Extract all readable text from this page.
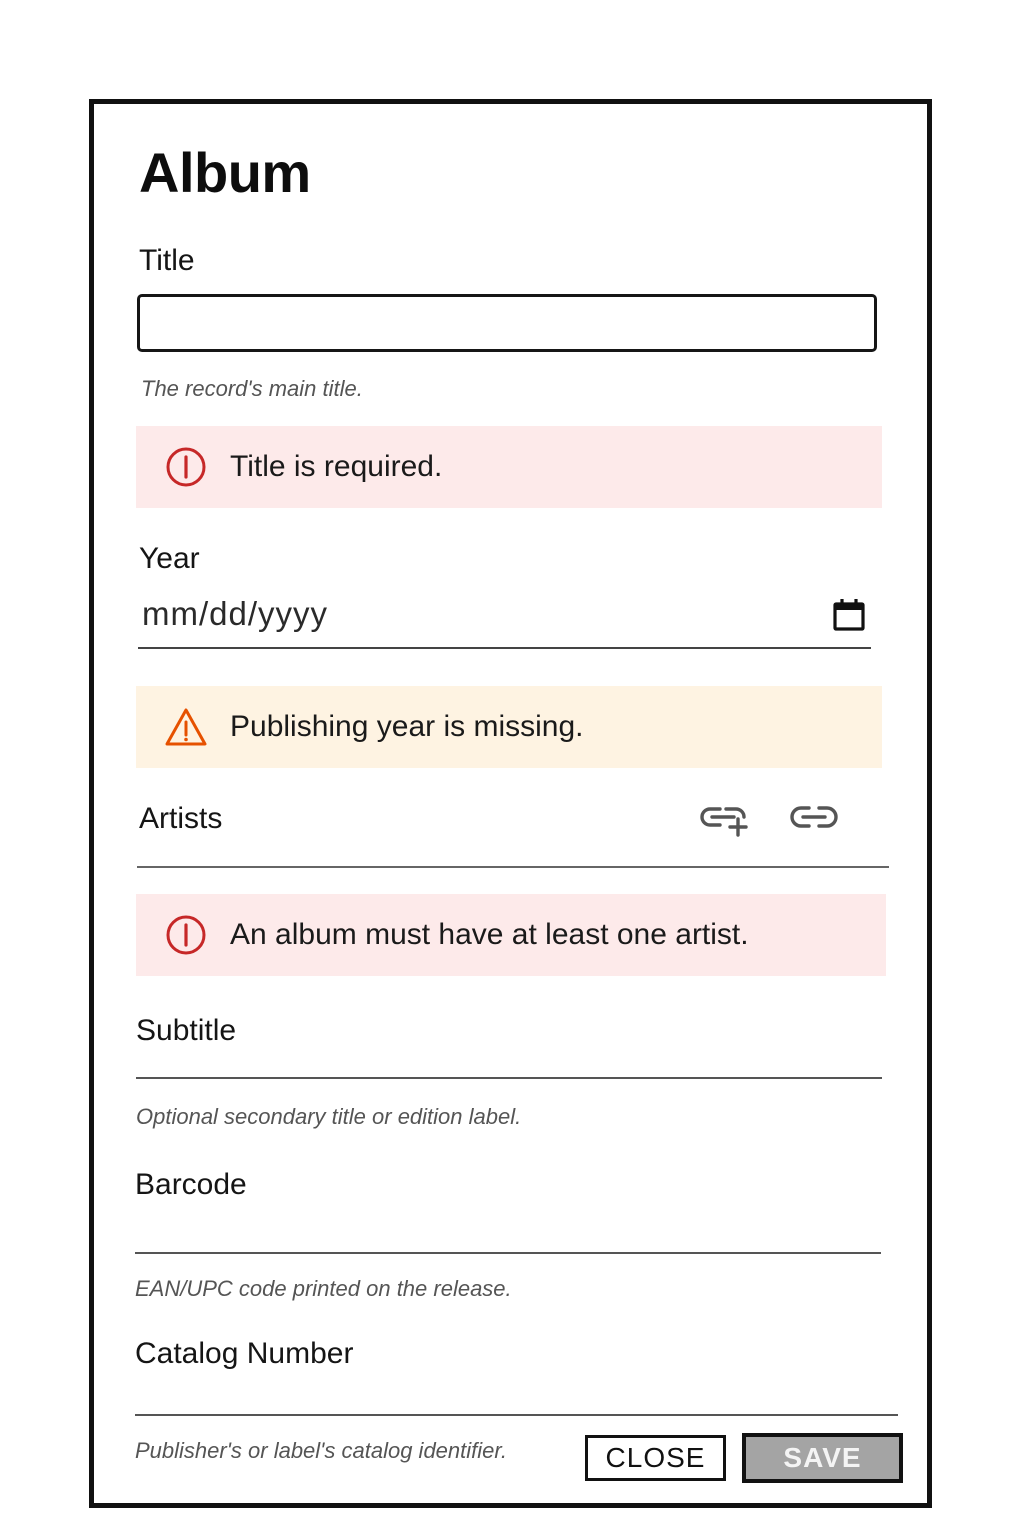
Album
Title
The record's main title.
Title is required.
Year
mm/dd/yyyy
Publishing year is missing.
Artists
An album must have at least one artist.
Subtitle
Optional secondary title or edition label.
Barcode
EAN/UPC code printed on the release.
Catalog Number
Publisher's or label's catalog identifier.	CLOSE	SAVE
